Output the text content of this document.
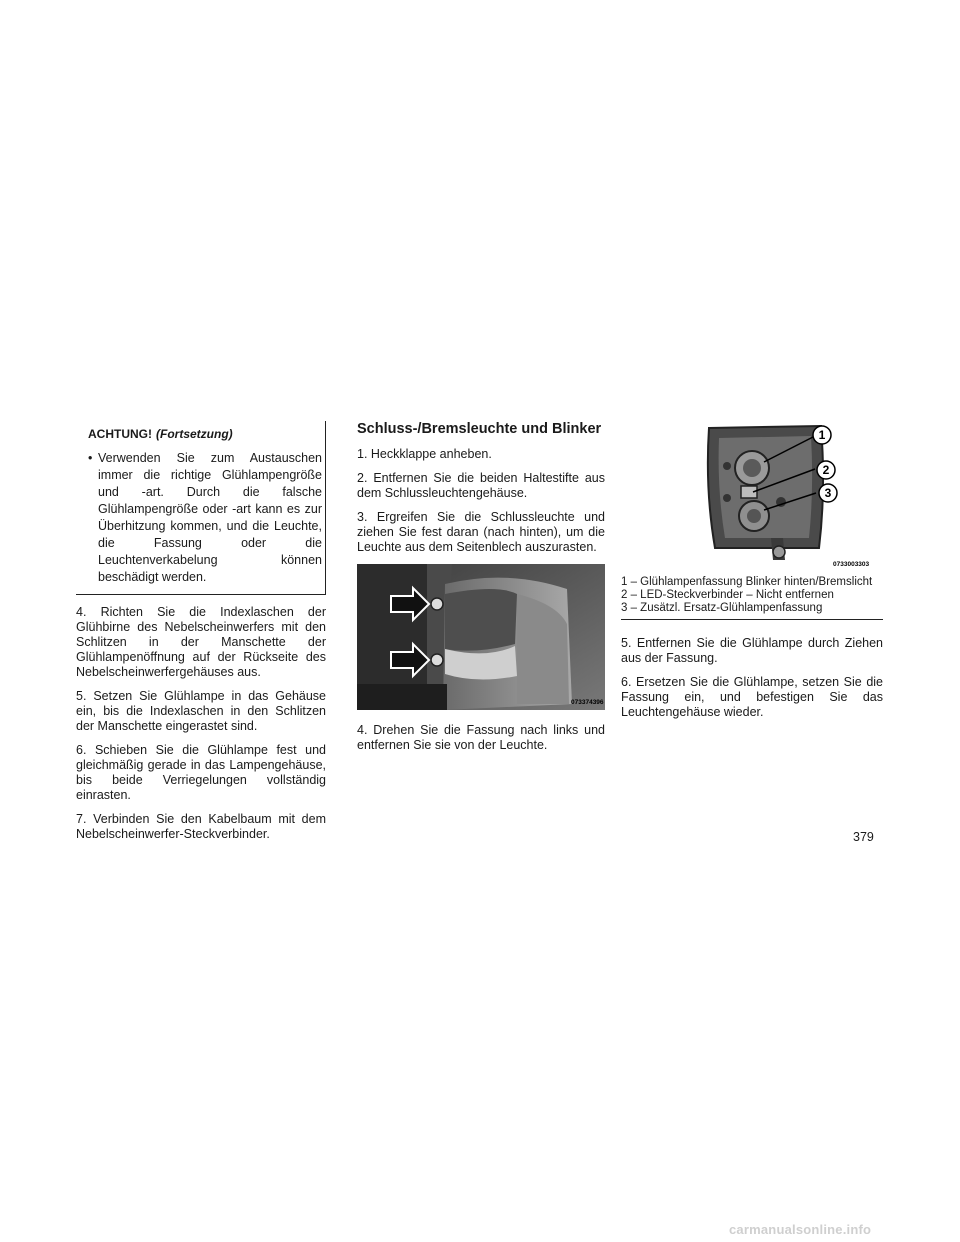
ACHTUNG! (Fortsetzung)
• Verwenden Sie zum Austauschen immer die richtige Glühlampengröße und -art. Durch die falsche Glühlampengröße oder -art kann es zur Überhitzung kommen, und die Leuchte, die Fassung oder die Leuchtenverkabelung können beschädigt werden.

4. Richten Sie die Indexlaschen der Glühbirne des Nebelscheinwerfers mit den Schlitzen in der Manschette der Glühlampenöffnung auf der Rückseite des Nebelscheinwerfergehäuses aus.

5. Setzen Sie Glühlampe in das Gehäuse ein, bis die Indexlaschen in den Schlitzen der Manschette eingerastet sind.

6. Schieben Sie die Glühlampe fest und gleichmäßig gerade in das Lampengehäuse, bis beide Verriegelungen vollständig einrasten.

7. Verbinden Sie den Kabelbaum mit dem Nebelscheinwerfer-Steckverbinder.

Schluss-/Bremsleuchte und Blinker

1. Heckklappe anheben.

2. Entfernen Sie die beiden Haltestifte aus dem Schlussleuchtengehäuse.

3. Ergreifen Sie die Schlussleuchte und ziehen Sie fest daran (nach hinten), um die Leuchte aus dem Seitenblech auszurasten.

073374396

4. Drehen Sie die Fassung nach links und entfernen Sie sie von der Leuchte.

1
2
3
0733003303
1 – Glühlampenfassung Blinker hinten/Bremslicht
2 – LED-Steckverbinder – Nicht entfernen
3 – Zusätzl. Ersatz-Glühlampenfassung

5. Entfernen Sie die Glühlampe durch Ziehen aus der Fassung.

6. Ersetzen Sie die Glühlampe, setzen Sie die Fassung ein, und befestigen Sie das Leuchtengehäuse wieder.

379
carmanualsonline.info
